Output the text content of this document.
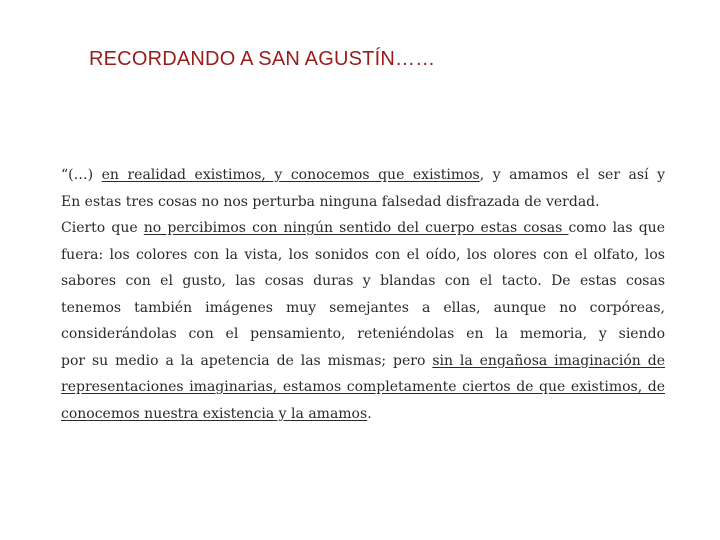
RECORDANDO A SAN AGUSTÍN……
“(…) en realidad existimos, y conocemos que existimos, y amamos el ser así y
En estas tres cosas no nos perturba ninguna falsedad disfrazada de verdad.
Cierto que no percibimos con ningún sentido del cuerpo estas cosas como las que
fuera: los colores con la vista, los sonidos con el oído, los olores con el olfato, los
sabores con el gusto, las cosas duras y blandas con el tacto. De estas cosas
tenemos también imágenes muy semejantes a ellas, aunque no corpóreas,
considerándolas con el pensamiento, reteniéndolas en la memoria, y siendo
por su medio a la apetencia de las mismas; pero sin la engañosa imaginación de
representaciones imaginarias, estamos completamente ciertos de que existimos, de
conocemos nuestra existencia y la amamos.
